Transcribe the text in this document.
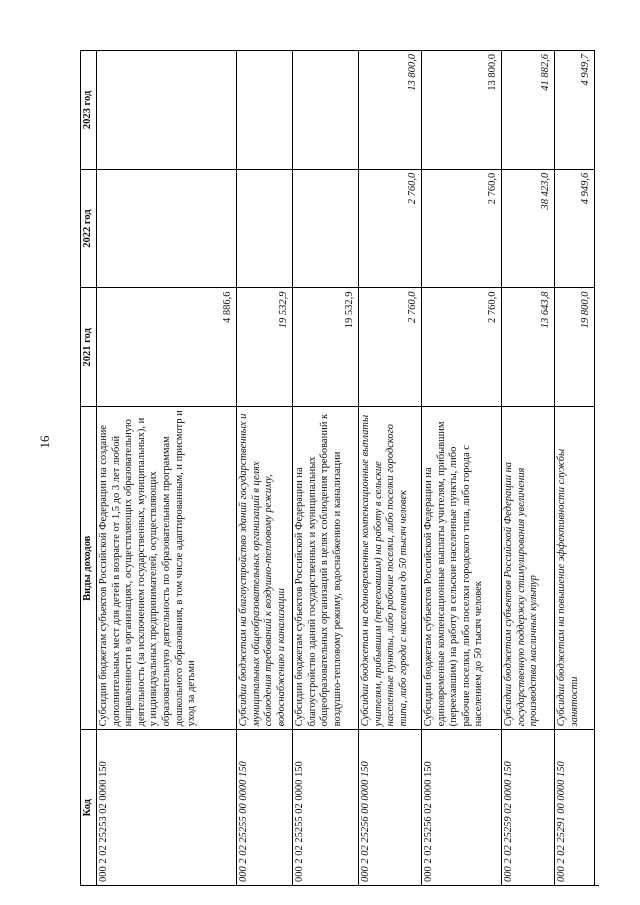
16
Код
Виды доходов
2021 год
2022 год
2023 год
000 2 02 25253 02 0000 150
Субсидии бюджетам субъектов Российской Федерации на создание дополнительных мест для детей в возрасте от 1,5 до 3 лет любой направленности в организациях, осуществляющих образовательную деятельность (за исключением государственных, муниципальных), и у индивидуальных предпринимателей, осуществляющих образовательную деятельность по образовательным программам дошкольного образования, в том числе адаптированным, и присмотр и уход за детьми
4 886,6
000 2 02 25255 00 0000 150
Субсидии бюджетам на благоустройство зданий государственных и муниципальных общеобразовательных организаций в целях соблюдения требований к воздушно-тепловому режиму, водоснабжению и канализации
19 532,9
000 2 02 25255 02 0000 150
Субсидии бюджетам субъектов Российской Федерации на благоустройство зданий государственных и муниципальных общеобразовательных организаций в целях соблюдения требований к воздушно-тепловому режиму, водоснабжению и канализации
19 532,9
000 2 02 25256 00 0000 150
Субсидии бюджетам на единовременные компенсационные выплаты учителям, прибывшим (переехавшим) на работу в сельские населенные пункты, либо рабочие поселки, либо поселки городского типа, либо города с населением до 50 тысяч человек
2 760,0
2 760,0
13 800,0
000 2 02 25256 02 0000 150
Субсидии бюджетам субъектов Российской Федерации на единовременные компенсационные выплаты учителям, прибывшим (переехавшим) на работу в сельские населенные пункты, либо рабочие поселки, либо поселки городского типа, либо города с населением до 50 тысяч человек
2 760,0
2 760,0
13 800,0
000 2 02 25259 02 0000 150
Субсидии бюджетам субъектов Российской Федерации на государственную поддержку стимулирования увеличения производства масличных культур
13 643,8
38 423,0
41 882,6
000 2 02 25291 00 0000 150
Субсидии бюджетам на повышение эффективности службы занятости
19 800,0
4 949,6
4 949,7
